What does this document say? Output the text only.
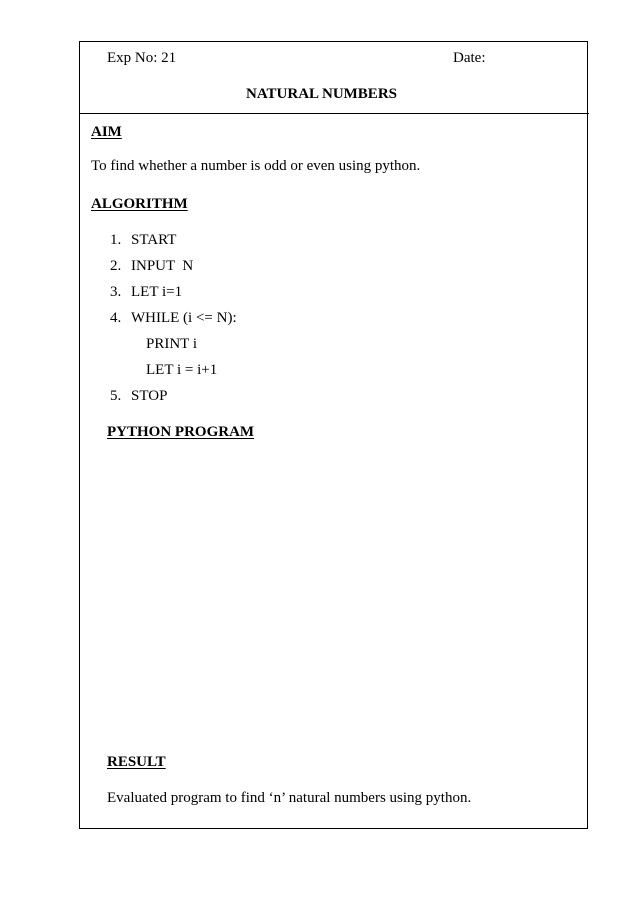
Exp No: 21	Date:
NATURAL NUMBERS
AIM
To find whether a number is odd or even using python.
ALGORITHM
1. START
2. INPUT  N
3. LET i=1
4. WHILE (i <= N):
PRINT i
LET i = i+1
5. STOP
PYTHON PROGRAM
RESULT
Evaluated program to find ‘n’ natural numbers using python.
